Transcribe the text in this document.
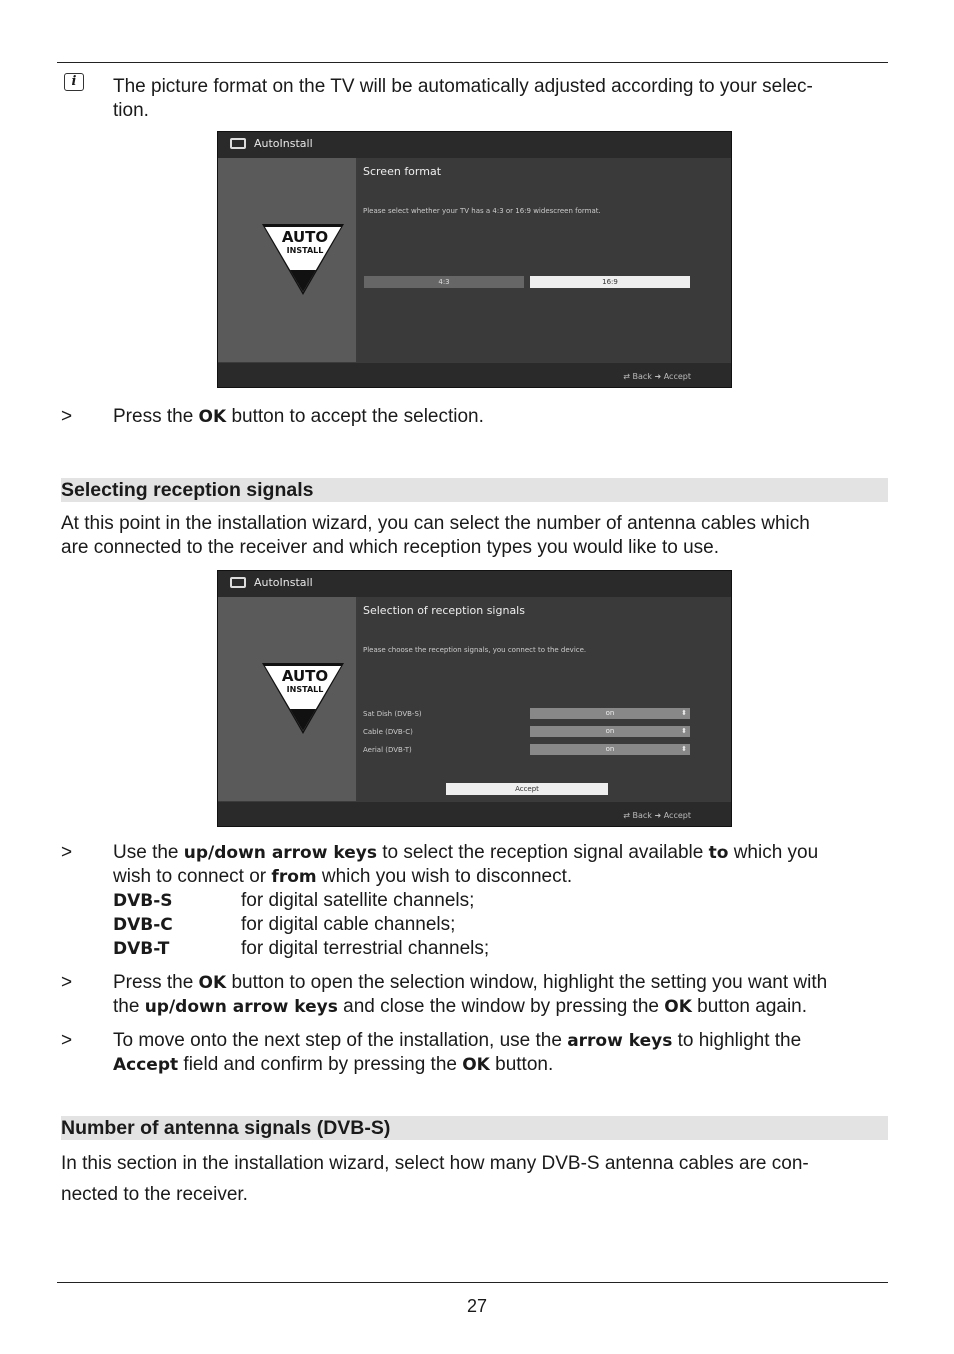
i	The picture format on the TV will be automatically adjusted according to your selec-
tion.
AutoInstall
AUTO
INSTALL
Screen format
Please select whether your TV has a 4:3 or 16:9 widescreen format.
4:3	16:9
⇄ Back ➜ Accept
> Press the OK button to accept the selection.
Selecting reception signals
At this point in the installation wizard, you can select the number of antenna cables which
are connected to the receiver and which reception types you would like to use.
AutoInstall
AUTO
INSTALL
Selection of reception signals
Please choose the reception signals, you connect to the device.
Sat Dish (DVB-S)	on	⬍
Cable (DVB-C)	on	⬍
Aerial (DVB-T)	on	⬍
Accept
⇄ Back ➜ Accept
> Use the up/down arrow keys to select the reception signal available to which you
wish to connect or from which you wish to disconnect.
DVB-S	for digital satellite channels;
DVB-C	for digital cable channels;
DVB-T	for digital terrestrial channels;
> Press the OK button to open the selection window, highlight the setting you want with
the up/down arrow keys and close the window by pressing the OK button again.
> To move onto the next step of the installation, use the arrow keys to highlight the
Accept field and confirm by pressing the OK button.
Number of antenna signals (DVB-S)
In this section in the installation wizard, select how many DVB-S antenna cables are con-
nected to the receiver.
27
